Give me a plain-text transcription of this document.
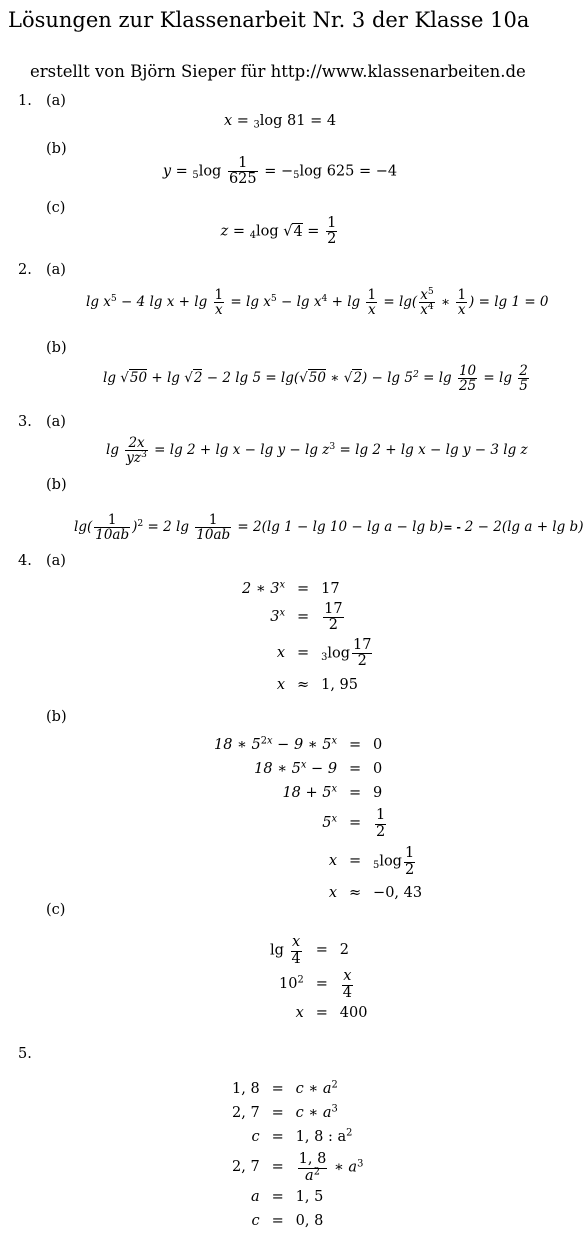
Lösungen zur Klassenarbeit Nr. 3 der Klasse 10a
erstellt von Björn Sieper für http://www.klassenarbeiten.de
1.
2.
3.
4.
5.
(a)
(b)
(c)
(a)
(b)
(a)
(b)
(a)
(b)
(c)
x = $_3$log 81 = 4
$y = _5\log \frac{1}{625} = -_5\log$ 625 = −4
z = $_4$log $√4 = \frac{1}{2}$
$\lg x^5 - 4$ $\lg x + \lg \frac{1}{x} = \lg x^5 - \lg x^4 + \lg \frac{1}{x} = \lg( \frac{x^5}{x^4}$ ∗ $\frac{1}{x}$ ) = lg 1 = 0
lg √50 + lg √2 − 2 lg 5 = lg(√50 ∗ $√2) - \lg 5^2 = \lg \frac{10}{25} = \lg \frac{2}{5}$
$\lg \frac{2x}{yz^3} = \lg 2 + \lg x - \lg y - \lg z^3 = \lg 2 + \lg x - \lg y - 3$ lg z
$\lg( \frac{1}{10ab} )^2 = 2$ $\lg \frac{1}{10ab} = 2(\lg$ 1 − lg 10 − lg a − lg b)= - 2 − 2(lg a + lg b)
2 ∗ $3^x$	=	17
$3^x$	=	$\frac{17}{2}$

x	=	$_3\log \frac{17}{2}$

x	≈	1, 95
18 ∗ $5^{2x} - 9$ ∗ $5^x$	=	0
18 ∗ $5^x - 9$	=	0
$18 + 5^x$	=	9
$5^x$	=	$\frac{1}{2}$

x	=	$_5\log \frac{1}{2}$

x	≈	−0, 43
$\lg \frac{x}{4}$	=	2
$10^2$	=	$\frac{x}{4}$

x	=	400
1, 8	=	c ∗ $a^2$
2, 7	=	c ∗ $a^3$
c	=	1, 8 : $a^2$
2, 7	=	$\frac{1, 8}{a^2}$ ∗ $a^3$
a	=	1, 5
c	=	0, 8
